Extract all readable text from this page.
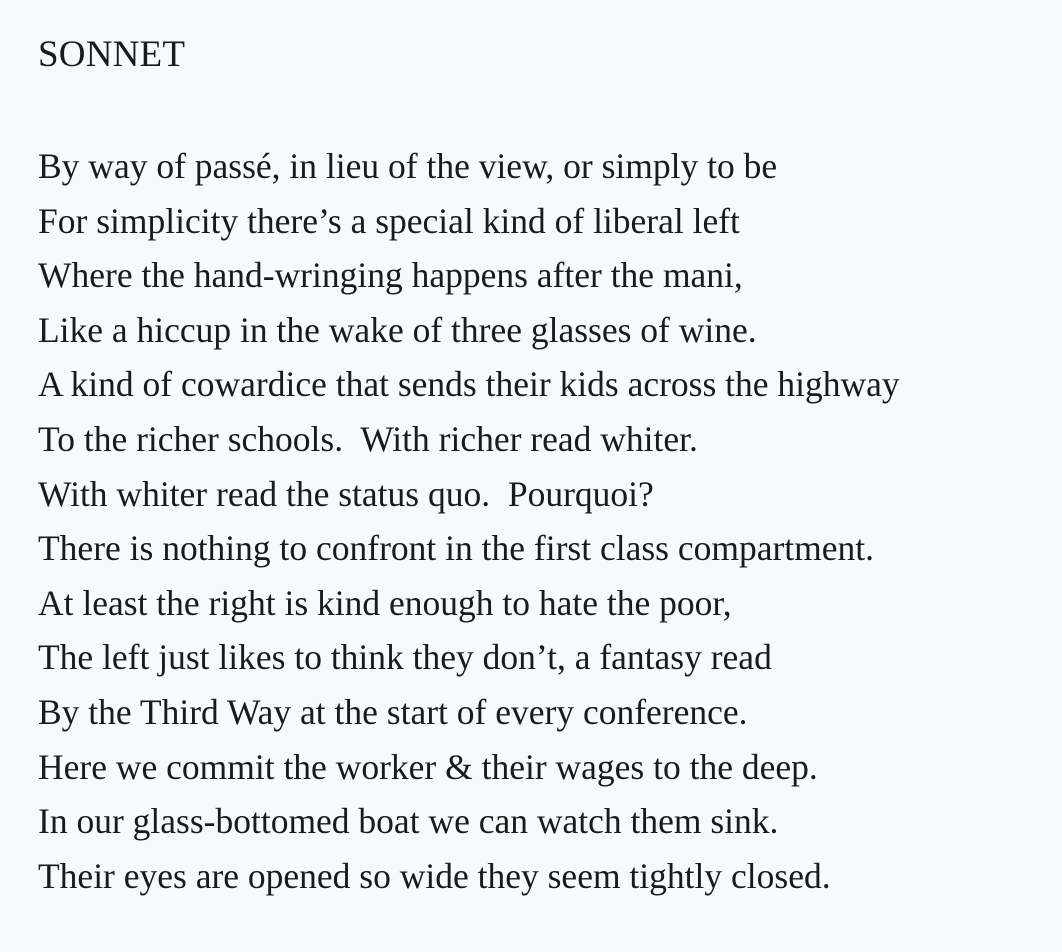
SONNET
By way of passé, in lieu of the view, or simply to be
For simplicity there’s a special kind of liberal left
Where the hand-wringing happens after the mani,
Like a hiccup in the wake of three glasses of wine.
A kind of cowardice that sends their kids across the highway
To the richer schools.  With richer read whiter.
With whiter read the status quo.  Pourquoi?
There is nothing to confront in the first class compartment.
At least the right is kind enough to hate the poor,
The left just likes to think they don’t, a fantasy read
By the Third Way at the start of every conference.
Here we commit the worker & their wages to the deep.
In our glass-bottomed boat we can watch them sink.
Their eyes are opened so wide they seem tightly closed.
